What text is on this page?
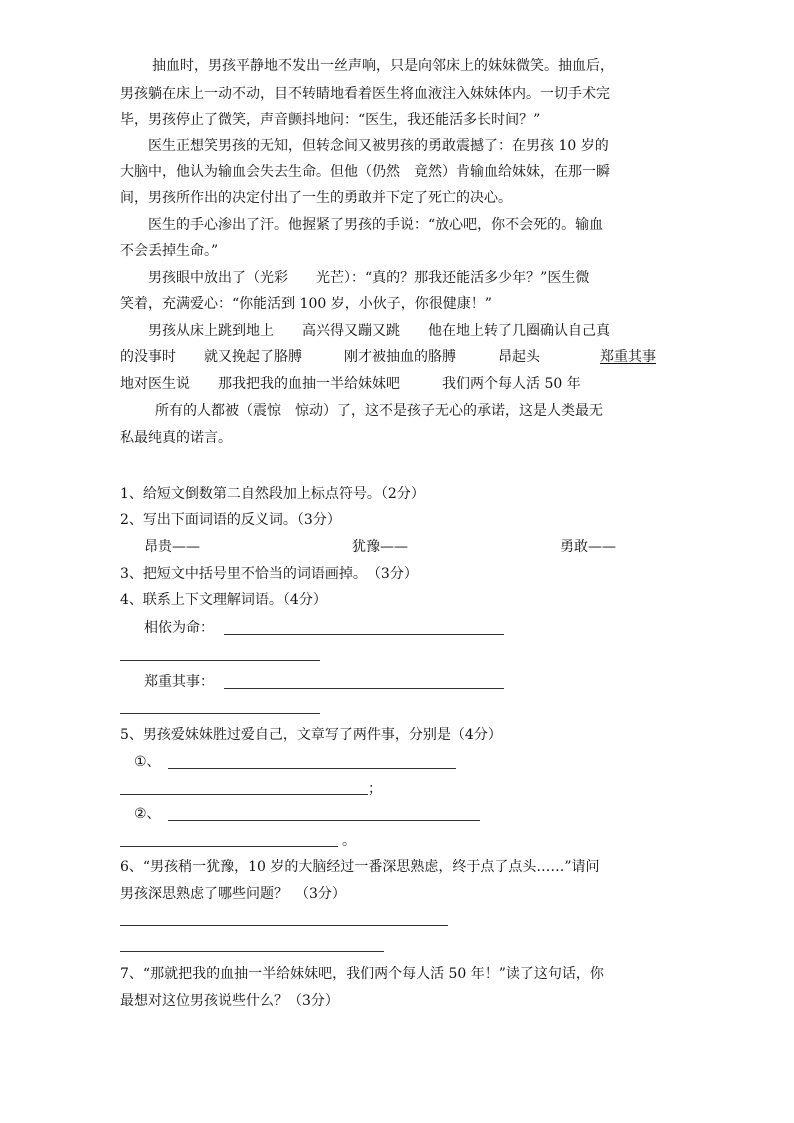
抽血时，男孩平静地不发出一丝声响，只是向邻床上的妹妹微笑。抽血后，
男孩躺在床上一动不动，目不转睛地看着医生将血液注入妹妹体内。一切手术完
毕，男孩停止了微笑，声音颤抖地问：“医生，我还能活多长时间？”
医生正想笑男孩的无知，但转念间又被男孩的勇敢震撼了：在男孩 10 岁的
大脑中，他认为输血会失去生命。但他（仍然　竟然）肯输血给妹妹，在那一瞬
间，男孩所作出的决定付出了一生的勇敢并下定了死亡的决心。
医生的手心渗出了汗。他握紧了男孩的手说：“放心吧，你不会死的。输血
不会丢掉生命。”
男孩眼中放出了（光彩　　光芒）：“真的？那我还能活多少年？”医生微
笑着，充满爱心：“你能活到 100 岁，小伙子，你很健康！”
男孩从床上跳到地上　　高兴得又蹦又跳　　他在地上转了几圈确认自己真
的没事时　　就又挽起了胳膊　　　刚才被抽血的胳膊　　　昂起头　	郑重其事
地对医生说　　那我把我的血抽一半给妹妹吧　　　我们两个每人活 50 年
所有的人都被（震惊　惊动）了，这不是孩子无心的承诺，这是人类最无
私最纯真的诺言。
1、给短文倒数第二自然段加上标点符号。（2分）
2、写出下面词语的反义词。（3分）
昂贵——	犹豫——	勇敢——
3、把短文中括号里不恰当的词语画掉。　（3分）
4、联系上下文理解词语。（4分）
相依为命：
郑重其事：
5、男孩爱妹妹胜过爱自己，文章写了两件事，分别是（4分）
①、
；
②、
。
6、“男孩稍一犹豫，10 岁的大脑经过一番深思熟虑，终于点了点头……”请问
男孩深思熟虑了哪些问题？　（3分）
7、“那就把我的血抽一半给妹妹吧，我们两个每人活 50 年！”读了这句话，你
最想对这位男孩说些什么？（3分）
